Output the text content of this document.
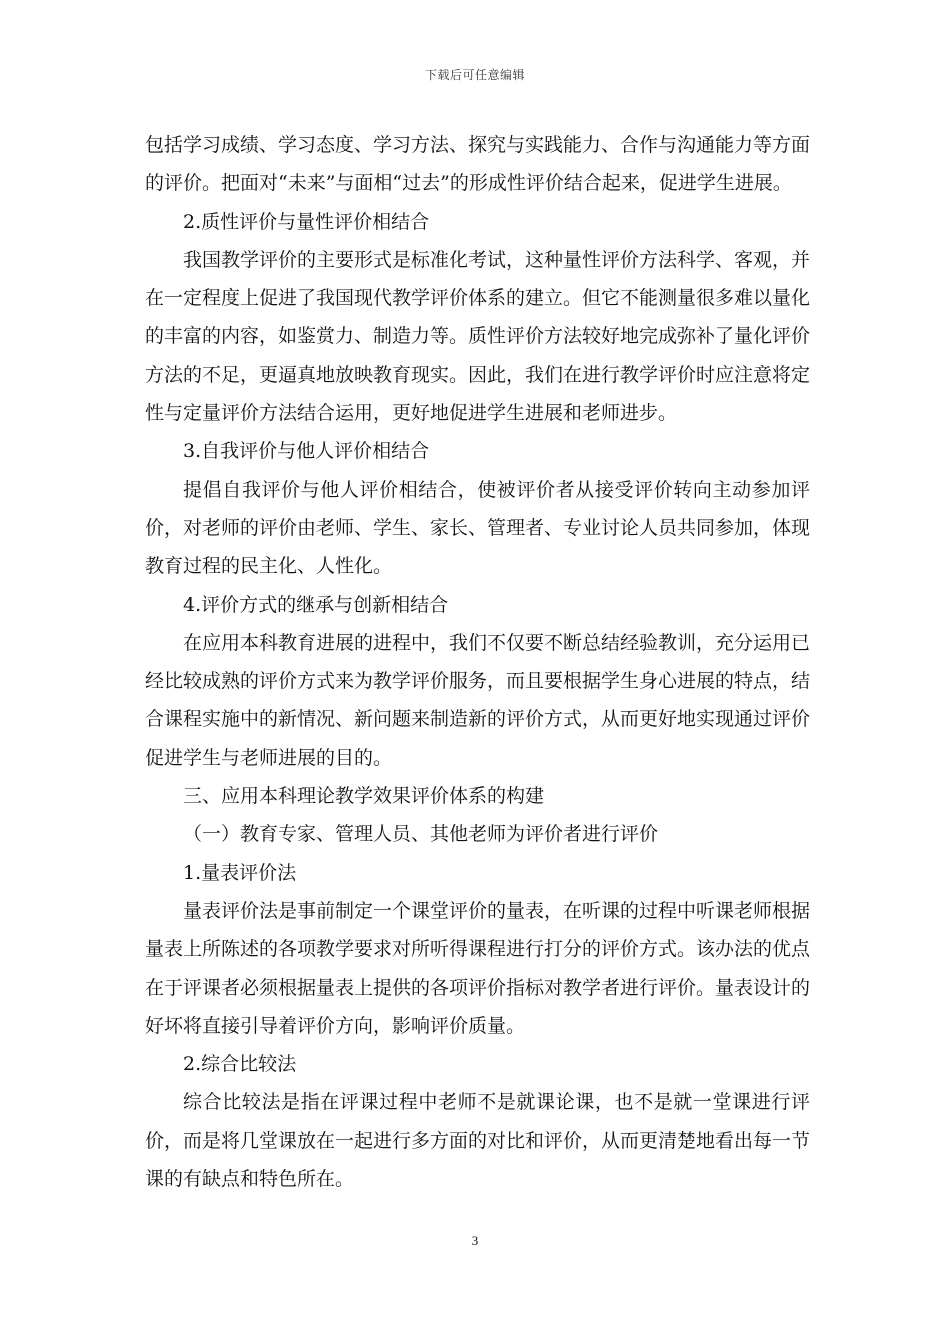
下载后可任意编辑

包括学习成绩、学习态度、学习方法、探究与实践能力、合作与沟通能力等方面的评价。把面对“未来”与面相“过去”的形成性评价结合起来，促进学生进展。

2.质性评价与量性评价相结合

我国教学评价的主要形式是标准化考试，这种量性评价方法科学、客观，并在一定程度上促进了我国现代教学评价体系的建立。但它不能测量很多难以量化的丰富的内容，如鉴赏力、制造力等。质性评价方法较好地完成弥补了量化评价方法的不足，更逼真地放映教育现实。因此，我们在进行教学评价时应注意将定性与定量评价方法结合运用，更好地促进学生进展和老师进步。

3.自我评价与他人评价相结合

提倡自我评价与他人评价相结合，使被评价者从接受评价转向主动参加评价，对老师的评价由老师、学生、家长、管理者、专业讨论人员共同参加，体现教育过程的民主化、人性化。

4.评价方式的继承与创新相结合

在应用本科教育进展的进程中，我们不仅要不断总结经验教训，充分运用已经比较成熟的评价方式来为教学评价服务，而且要根据学生身心进展的特点，结合课程实施中的新情况、新问题来制造新的评价方式，从而更好地实现通过评价促进学生与老师进展的目的。

三、应用本科理论教学效果评价体系的构建

（一）教育专家、管理人员、其他老师为评价者进行评价

1.量表评价法

量表评价法是事前制定一个课堂评价的量表，在听课的过程中听课老师根据量表上所陈述的各项教学要求对所听得课程进行打分的评价方式。该办法的优点在于评课者必须根据量表上提供的各项评价指标对教学者进行评价。量表设计的好坏将直接引导着评价方向，影响评价质量。

2.综合比较法

综合比较法是指在评课过程中老师不是就课论课，也不是就一堂课进行评价，而是将几堂课放在一起进行多方面的对比和评价，从而更清楚地看出每一节课的有缺点和特色所在。

3
